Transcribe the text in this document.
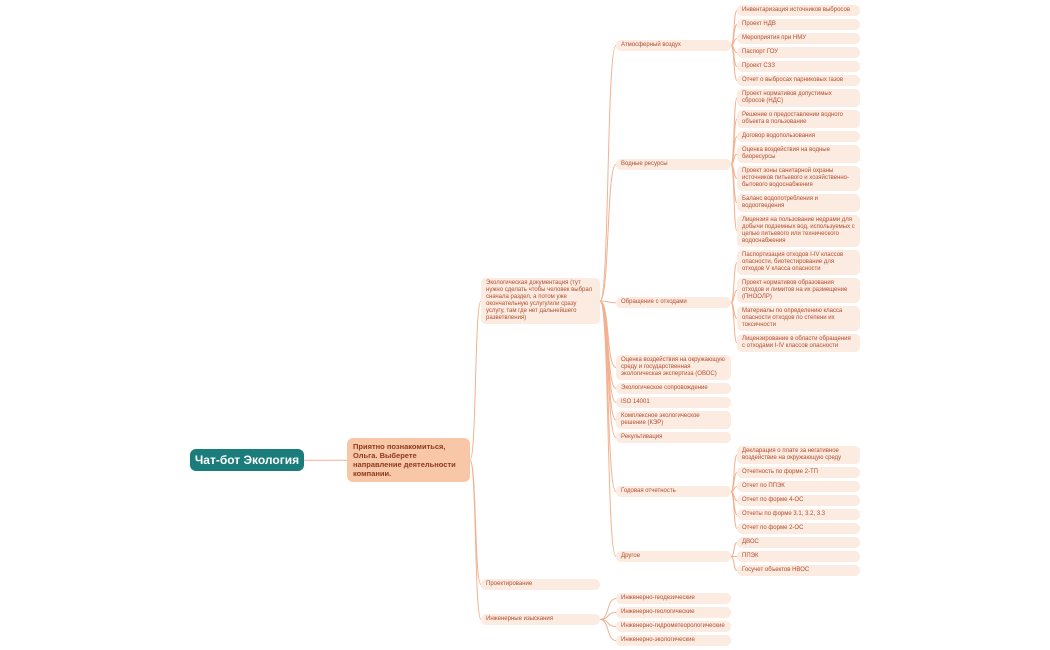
Чат-бот Экология
Приятно познакомиться, Ольга. Выберете направление деятельности компании.
Экологическая документация (тут нужно сделать чтобы человек выбрал сначала раздел, а потом уже окончательную услугу/или сразу услугу, там где нет дальнейшего разветвления)
Атмосферный воздух
Инвентаризация источников выбросов
Проект НДВ
Мероприятия при НМУ
Паспорт ГОУ
Проект СЗЗ
Отчет о выбросах парниковых газов
Водные ресурсы
Проект нормативов допустимых сбросов (НДС)
Решение о предоставлении водного объекта в пользование
Договор водопользования
Оценка воздействия на водные биоресурсы
Проект зоны санитарной охраны источников питьевого и хозяйственно-бытового водоснабжения
Баланс водопотребления и водоотведения
Лицензия на пользование недрами для добычи подземных вод, используемых с целью питьевого или технического водоснабжения
Обращение с отходами
Паспортизация отходов I-IV классов опасности, биотестирование для отходов V класса опасности
Проект нормативов образования отходов и лимитов на их размещение (ПНООЛР)
Материалы по определению класса опасности отходов по степени их токсичности
Лицензирование в области обращения с отходами I-IV классов опасности
Оценка воздействия на окружающую среду и государственная экологическая экспертиза (ОВОС)
Экологическое сопровождение
ISO 14001
Комплексное экологическое решение (КЭР)
Рекультивация
Годовая отчетность
Декларация о плате за негативное воздействие на окружающую среду
Отчетность по форме 2-ТП
Отчет по ППЭК
Отчет по форме 4-ОС
Отчеты по форме 3.1, 3.2, 3.3
Отчет по форме 2-ОС
Другое
ДВОС
ППЭК
Госучет объектов НВОС
Проектирование
Инженерные изыскания
Инженерно-геодезические
Инженерно-геологические
Инженерно-гидрометеорологические
Инженерно-экологические
